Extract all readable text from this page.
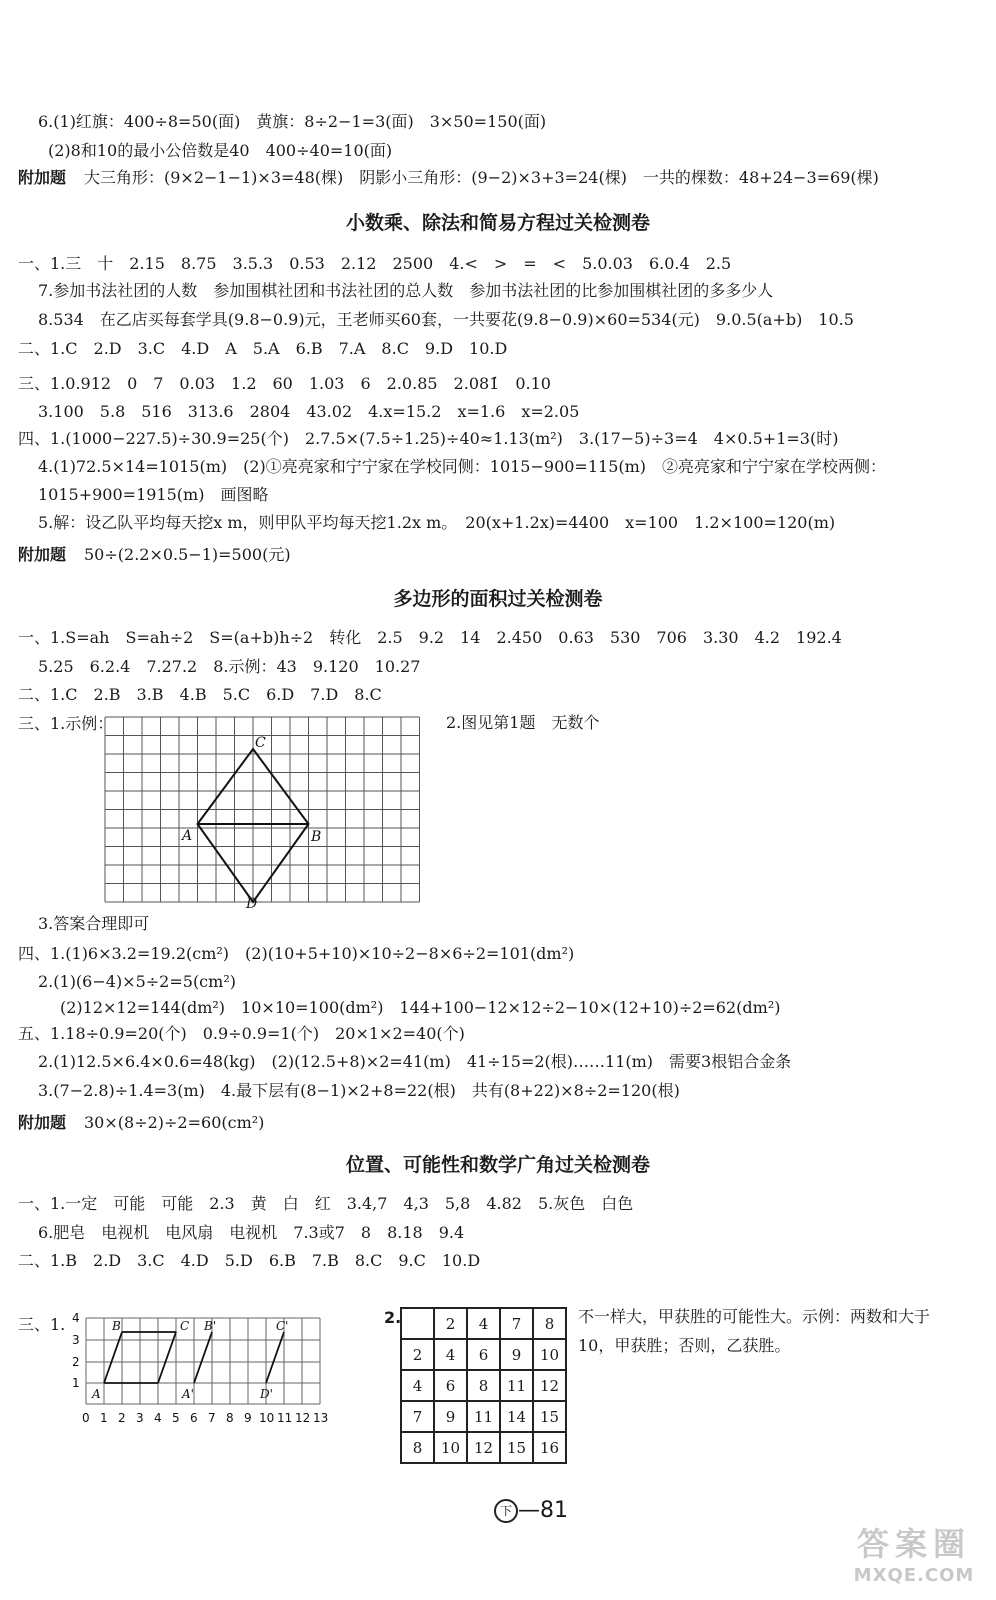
6.(1)红旗：400÷8=50(面)　黄旗：8÷2−1=3(面)　3×50=150(面)
(2)8和10的最小公倍数是40　400÷40=10(面)
附加题 大三角形：(9×2−1−1)×3=48(棵)　阴影小三角形：(9−2)×3+3=24(棵)　一共的棵数：48+24−3=69(棵)
小数乘、除法和简易方程过关检测卷
一、1.三　十　2.15　8.75　3.5.3　0.53　2.12　2500　4.<　>　=　<　5.0.03　6.0.4　2.5
7.参加书法社团的人数　参加围棋社团和书法社团的总人数　参加书法社团的比参加围棋社团的多多少人
8.534　在乙店买每套学具(9.8−0.9)元，王老师买60套，一共要花(9.8−0.9)×60=534(元)　9.0.5(a+b)　10.5
二、1.C　2.D　3.C　4.D　A　5.A　6.B　7.A　8.C　9.D　10.D
三、1.0.912　0　7　0.03　1.2　60　1.03　6　2.0.85　2.081̇　0.10
3.100　5.8　516　313.6　2804　43.02　4.x=15.2　x=1.6　x=2.05
四、1.(1000−227.5)÷30.9=25(个)　2.7.5×(7.5÷1.25)÷40≈1.13(m²)　3.(17−5)÷3=4　4×0.5+1=3(时)
4.(1)72.5×14=1015(m)　(2)①亮亮家和宁宁家在学校同侧：1015−900=115(m)　②亮亮家和宁宁家在学校两侧：
1015+900=1915(m)　画图略
5.解：设乙队平均每天挖x m，则甲队平均每天挖1.2x m。　20(x+1.2x)=4400　x=100　1.2×100=120(m)
附加题 50÷(2.2×0.5−1)=500(元)
多边形的面积过关检测卷
一、1.S=ah　S=ah÷2　S=(a+b)h÷2　转化　2.5　9.2　14　2.450　0.63　530　706　3.30　4.2　192.4
5.25　6.2.4　7.27.2　8.示例：43　9.120　10.27
二、1.C　2.B　3.B　4.B　5.C　6.D　7.D　8.C
三、1.示例：	2.图见第1题　无数个
C
A	B
D
3.答案合理即可
四、1.(1)6×3.2=19.2(cm²)　(2)(10+5+10)×10÷2−8×6÷2=101(dm²)
2.(1)(6−4)×5÷2=5(cm²)
(2)12×12=144(dm²)　10×10=100(dm²)　144+100−12×12÷2−10×(12+10)÷2=62(dm²)
五、1.18÷0.9=20(个)　0.9÷0.9=1(个)　20×1×2=40(个)
2.(1)12.5×6.4×0.6=48(kg)　(2)(12.5+8)×2=41(m)　41÷15=2(根)……11(m)　需要3根铝合金条
3.(7−2.8)÷1.4=3(m)　4.最下层有(8−1)×2+8=22(根)　共有(8+22)×8÷2=120(根)
附加题 30×(8÷2)÷2=60(cm²)
位置、可能性和数学广角过关检测卷
一、1.一定　可能　可能　2.3　黄　白　红　3.4,7　4,3　5,8　4.82　5.灰色　白色
6.肥皂　电视机　电风扇　电视机　7.3或7　8　8.18　9.4
二、1.B　2.D　3.C　4.D　5.D　6.B　7.B　8.C　9.C　10.D
三、1.	2.	不一样大，甲获胜的可能性大。示例：两数和大于
10，甲获胜；否则，乙获胜。
4
3
2
1
0 1 2 3 4 5 6 7 8 9 10 11 12 13
A
B	C B'
A'
C'
D'
	2	4	7	8
2	4	6	9	10
4	6	8	11	12
7	9	11	14	15
8	10	12	15	16
下 —81
答案圈
MXQE.COM
